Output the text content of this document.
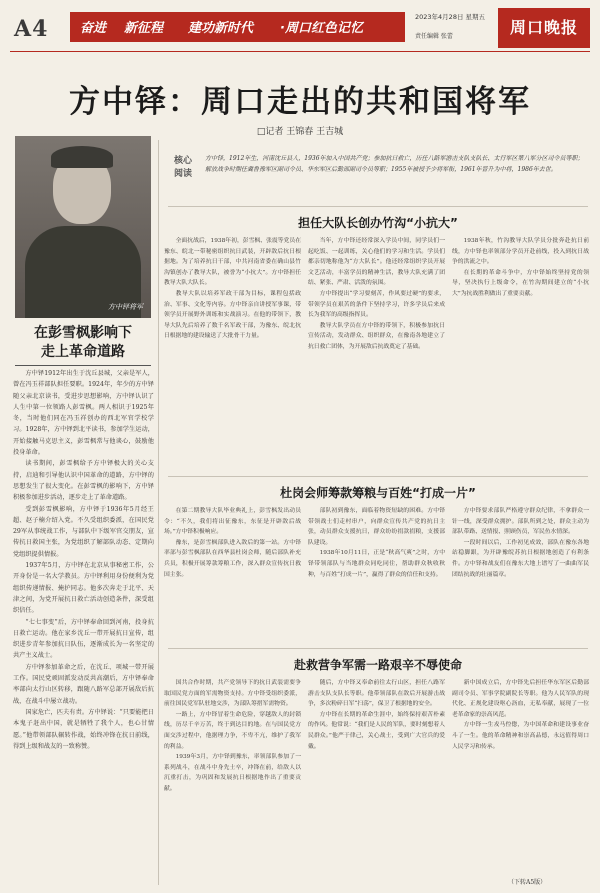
A4 奋进 新征程 建功新时代 ·周口红色记忆
2023年4月28日 星期五
责任编辑 张蕾	周口晚报
方中铎：周口走出的共和国将军
□记者 王锦春 王吉城
方中铎将军
在彭雪枫影响下
走上革命道路

方中铎1912年出生于沈丘县城，父亲是军人，曾在冯玉祥部队担任要职。1924年，年少的方中铎随父亲北京读书，受进步思想影响，方中铎认识了人生中第一位领路人彭雪枫。两人相识于1925年冬，当时他们同在冯玉祥创办的西北军官学校学习。1928年，方中铎到北平读书，参加学生运动，开始接触马克思主义，彭雪枫常与他谈心，鼓励他投身革命。

读书期间，彭雪枫给予方中铎极大的关心支持，启迪和引导他认识中国革命的道路，方中铎的思想发生了很大变化。在彭雪枫的影响下，方中铎积极参加进步活动，逐步走上了革命道路。

受到彭雪枫影响，方中铎于1936年5月经王超、赵子楠介绍入党。不久受组织委派，在国民党29军从事统战工作，与部队中下级军官交朋友，宣传抗日救国主张，为党组织了解部队动态、定期向党组织提供情报。

1937年5月，方中铎在北京从事秘密工作，公开身份是一名大学教员。方中铎利用身份便利为党组织传递情报、掩护同志。他多次奔走于北平、天津之间，为党开展抗日救亡活动创造条件，深受组织信任。

“七七事变”后，方中铎奉命回到河南，投身抗日救亡运动。他在家乡沈丘一带开展抗日宣传，组织进步青年参加抗日队伍，逐渐成长为一名坚定的共产主义战士。

方中铎参加革命之后，在沈丘、项城一带开展工作。国民党顽固派发动反共高潮后，方中铎奉命率部向太行山区转移，跟随八路军总部开展敌后抗战，在战斗中屡立战功。

国家危亡，匹夫有责。方中铎说：“只要能把日本鬼子赶出中国，就是牺牲了我个人，也心甘情愿。”他带领部队辗转作战，始终冲锋在抗日前线，得到上级和战友的一致称赞。

核心
阅读
方中铎，1912年生，河南沈丘县人，1936年加入中国共产党；参加抗日救亡，历任八路军游击支队支队长、太行军区第八军分区司令员等职；解放战争时期任冀鲁豫军区副司令员、华东军区后勤部副司令员等职；1955年被授予少将军衔，1961年晋升为中将，1986年去世。
担任大队长创办竹沟“小抗大”

全面抗战后，1938年初，彭雪枫、张震等党员在豫东、皖北一带秘密组织抗日武装，开辟敌后抗日根据地。为了培养抗日干部，中共河南省委在确山县竹沟镇创办了教导大队，被誉为“小抗大”。方中铎担任教导大队大队长。

教导大队以培养军政干部为目标，课程包括政治、军事、文化等内容。方中铎亲自讲授军事课，带领学员开展野外训练和实战演习。在他的带领下，教导大队先后培养了数千名军政干部，为豫东、皖北抗日根据地的建设输送了大批骨干力量。

当年，方中铎还经常深入学员中间，同学员们一起吃饭、一起训练，关心他们的学习和生活。学员们都亲切地称他为“方大队长”。他还经常组织学员开展文艺活动，丰富学员的精神生活，教导大队充满了团结、紧张、严肃、活泼的氛围。

方中铎提出“学习要刻苦，作风要过硬”的要求，带领学员在艰苦的条件下坚持学习，许多学员后来成长为我军的高级指挥员。

教导大队学员在方中铎的带领下，积极参加抗日宣传活动，发动群众、组织群众，在豫南各地建立了抗日救亡团体，为开展敌后抗战奠定了基础。

1938年秋，竹沟教导大队学员分批奔赴抗日前线，方中铎也率领部分学员开赴前线，投入到抗日战争的洪流之中。

在长期的革命斗争中，方中铎始终坚持党的领导，坚决执行上级命令，在竹沟期间建立的“小抗大”为抗战胜利做出了重要贡献。

杜岗会师筹款筹粮与百姓“打成一片”

在第二期教导大队毕业典礼上，彭雪枫发出动员令：“不久，我们将出征豫东，东征是开辟敌后战场。”方中铎积极响应。

豫东，是彭雪枫部队进入敌后的第一站。方中铎率部与彭雪枫部队在西华县杜岗会师，随后部队补充兵员，积极开展筹款筹粮工作，深入群众宣传抗日救国主张。

部队初到豫东，面临着物资短缺的困难。方中铎带领战士们走村串户，向群众宣传共产党的抗日主张，动员群众支援抗日，群众纷纷捐款捐粮，支援部队建设。

1938年10月11日，正是“秋高气爽”之时，方中铎带领部队与当地群众同吃同住，帮助群众秋收秋种，与百姓“打成一片”，赢得了群众的信任和支持。

方中铎要求部队严格遵守群众纪律，不拿群众一针一线，深受群众拥护。部队所到之处，群众主动为部队带路、送情报、照顾伤员，军民鱼水情深。

一段时间以后，工作初见成效，部队在豫东各地站稳脚跟，为开辟豫皖苏抗日根据地创造了有利条件。方中铎和战友们在豫东大地上谱写了一曲曲军民团结抗战的壮丽篇章。

赴救营争军需一路艰辛不辱使命

国共合作时期，共产党领导下的抗日武装需要争取国民党方面的军需物资支持。方中铎受组织委派，前往国民党军队驻地交涉，为部队筹措军需物资。

一路上，方中铎冒着生命危险，穿越敌人的封锁线，历尽千辛万苦，终于到达目的地。在与国民党方面交涉过程中，他据理力争，不卑不亢，维护了我军的利益。

1939年3月，方中铎到豫东，率领部队参加了一系列战斗，在战斗中身先士卒，冲锋在前，给敌人以沉重打击，为巩固和发展抗日根据地作出了重要贡献。

随后，方中铎又奉命前往太行山区，担任八路军游击支队支队长等职。他带领部队在敌后开展游击战争，多次粉碎日军“扫荡”，保卫了根据地的安全。

方中铎在长期的革命生涯中，始终保持艰苦朴素的作风。他常说：“我们是人民的军队，要时刻想着人民群众。”他严于律己，关心战士，受到广大官兵的爱戴。

新中国成立后，方中铎先后担任华东军区后勤部副司令员、军事学院副院长等职。他为人民军队的现代化、正规化建设呕心沥血，无私奉献，展现了一位老革命家的崇高风范。

方中铎一生戎马倥偬，为中国革命和建设事业奋斗了一生。他的革命精神和崇高品德，永远值得周口人民学习和传承。

（下转A5版）
